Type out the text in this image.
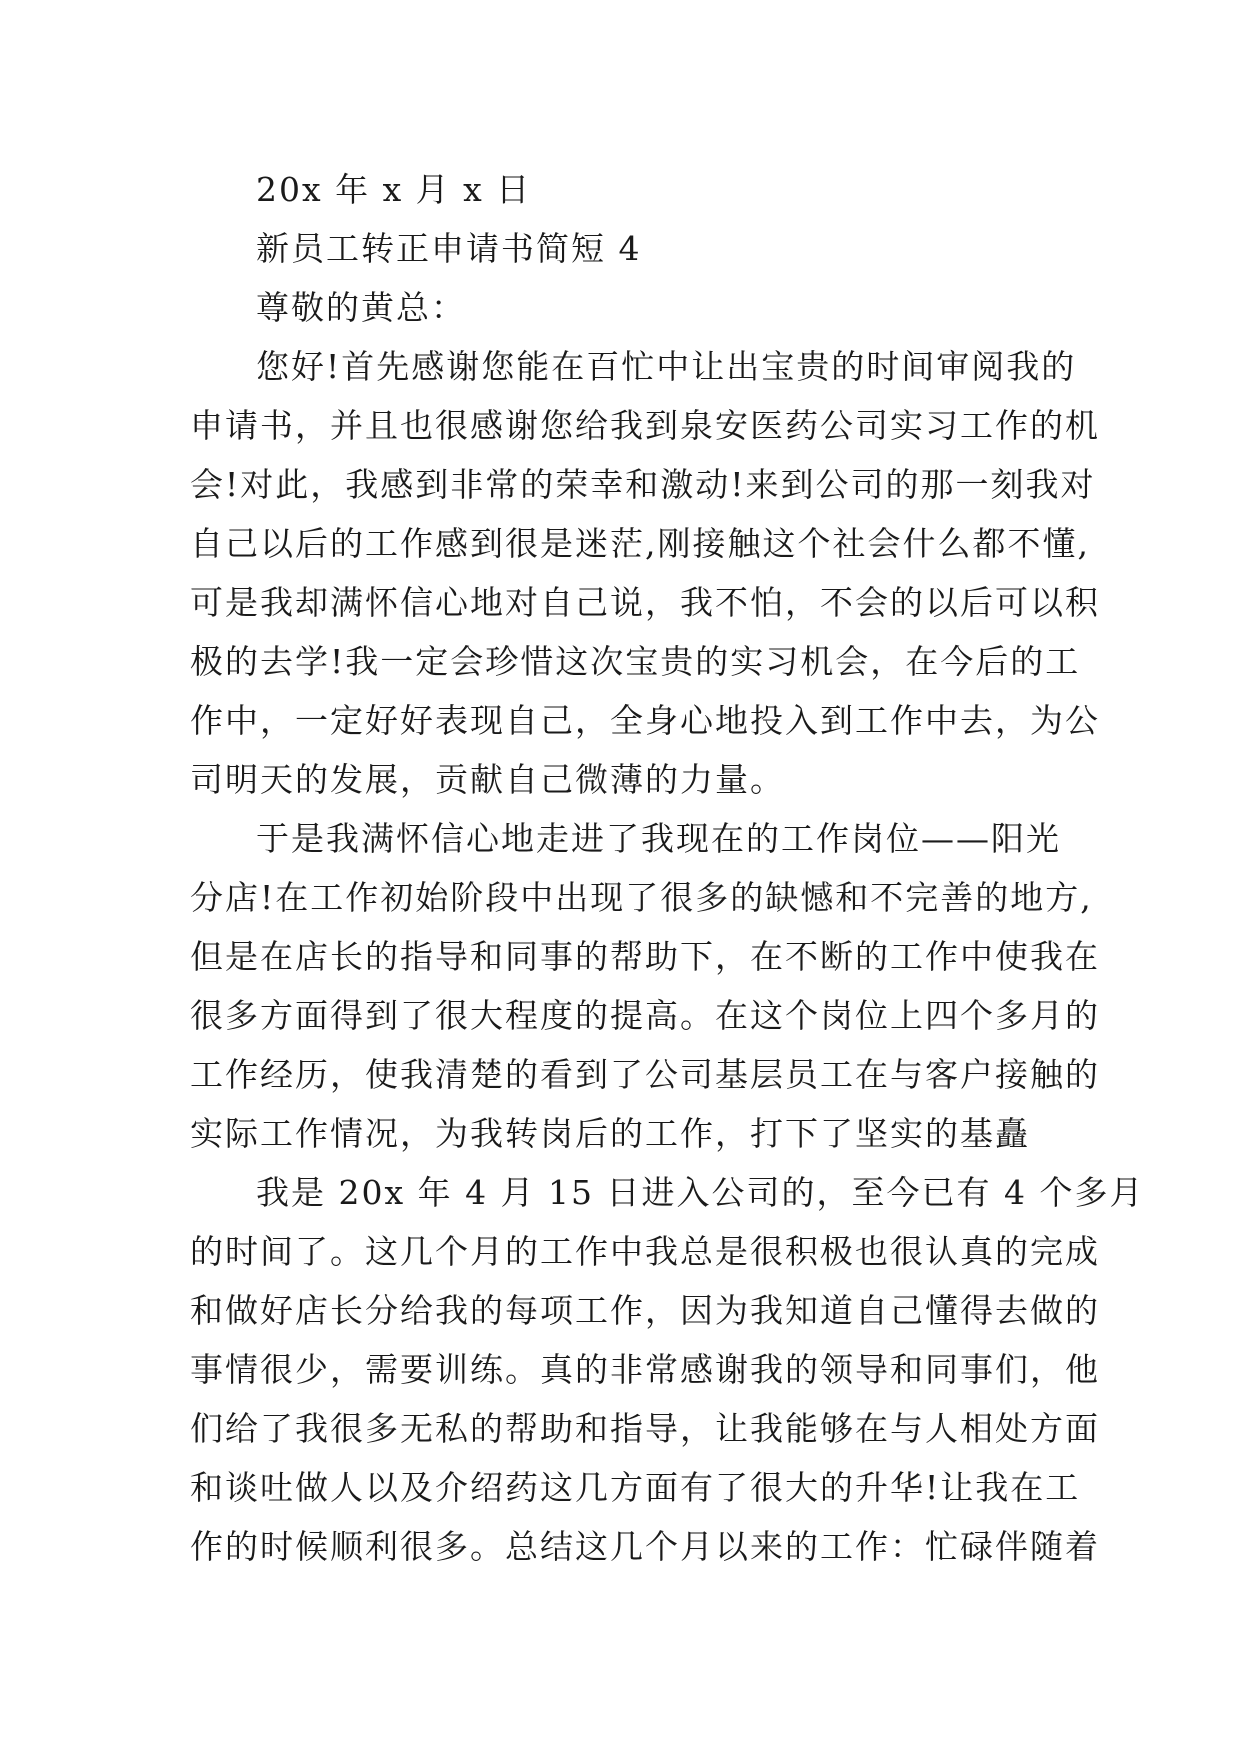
20x 年 x 月 x 日
新员工转正申请书简短 4
尊敬的黄总：
您好!首先感谢您能在百忙中让出宝贵的时间审阅我的
申请书，并且也很感谢您给我到泉安医药公司实习工作的机
会!对此，我感到非常的荣幸和激动!来到公司的那一刻我对
自己以后的工作感到很是迷茫,刚接触这个社会什么都不懂,
可是我却满怀信心地对自己说，我不怕，不会的以后可以积
极的去学!我一定会珍惜这次宝贵的实习机会，在今后的工
作中，一定好好表现自己，全身心地投入到工作中去，为公
司明天的发展，贡献自己微薄的力量。
于是我满怀信心地走进了我现在的工作岗位——阳光
分店!在工作初始阶段中出现了很多的缺憾和不完善的地方,
但是在店长的指导和同事的帮助下，在不断的工作中使我在
很多方面得到了很大程度的提高。在这个岗位上四个多月的
工作经历，使我清楚的看到了公司基层员工在与客户接触的
实际工作情况，为我转岗后的工作，打下了坚实的基矗
我是 20x 年 4 月 15 日进入公司的，至今已有 4 个多月
的时间了。这几个月的工作中我总是很积极也很认真的完成
和做好店长分给我的每项工作，因为我知道自己懂得去做的
事情很少，需要训练。真的非常感谢我的领导和同事们，他
们给了我很多无私的帮助和指导，让我能够在与人相处方面
和谈吐做人以及介绍药这几方面有了很大的升华!让我在工
作的时候顺利很多。总结这几个月以来的工作：忙碌伴随着
